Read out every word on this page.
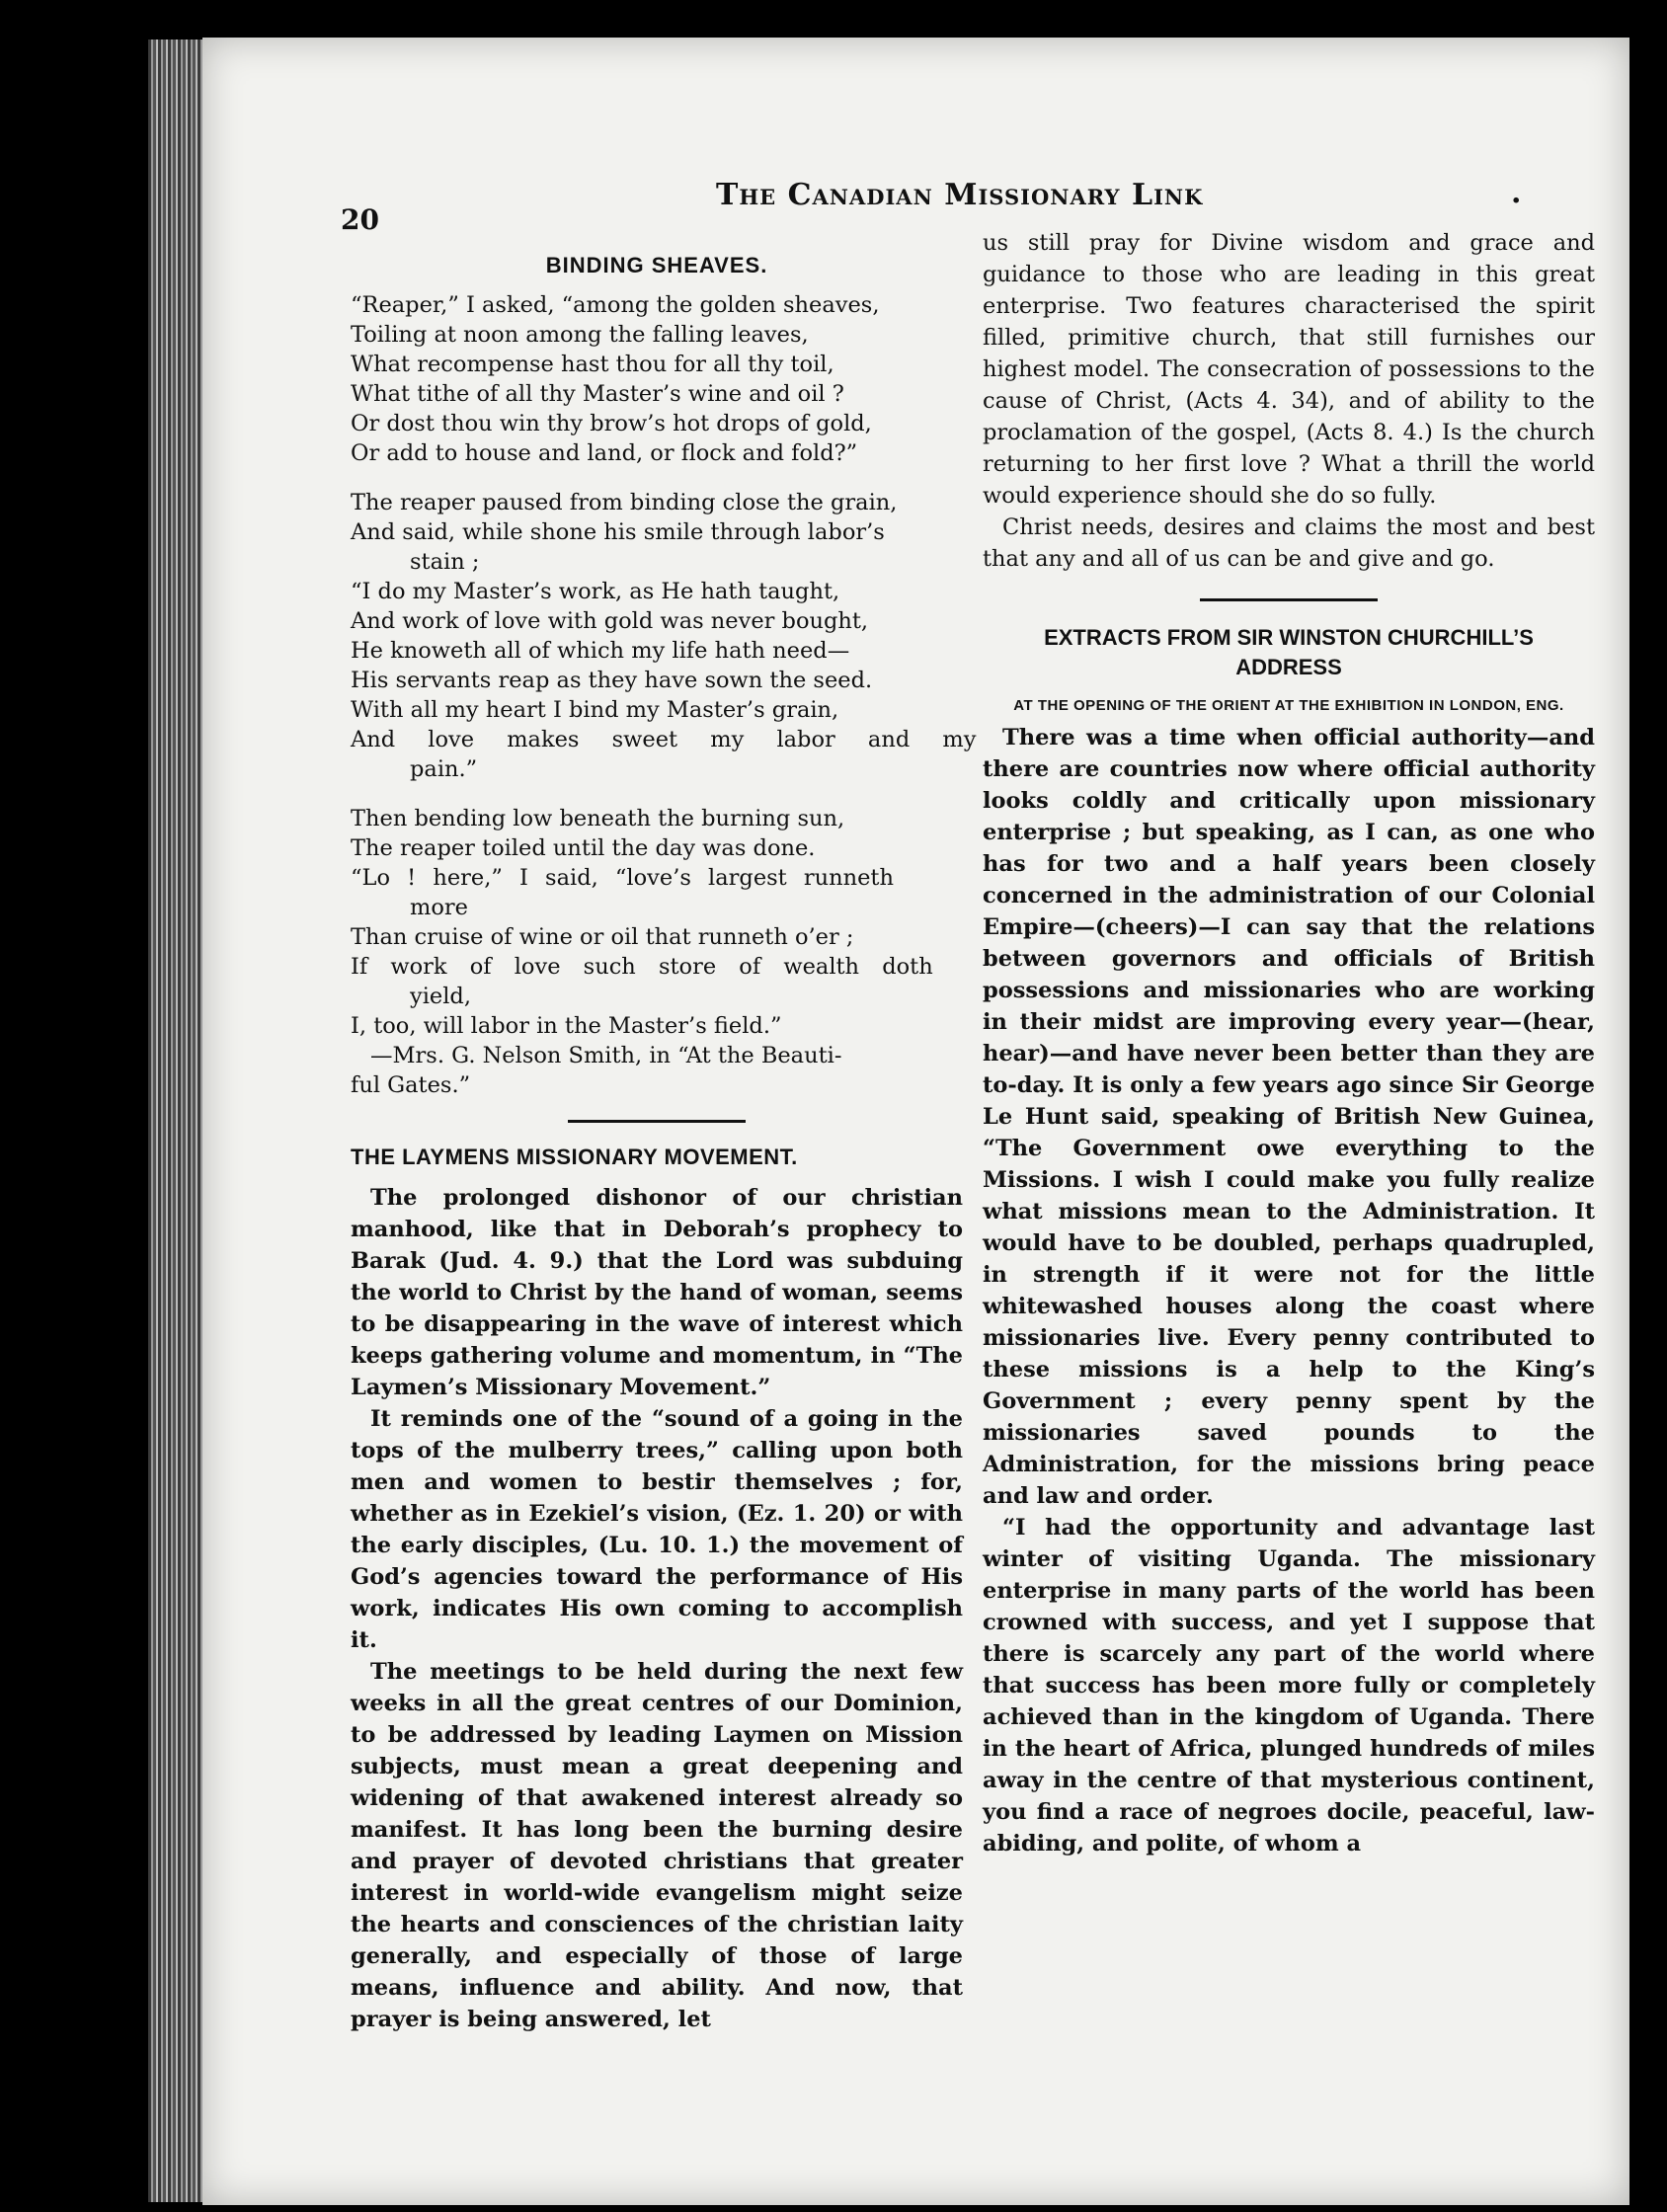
20
The Canadian Missionary Link	.
BINDING SHEAVES.
“Reaper,” I asked, “among the golden sheaves,
Toiling at noon among the falling leaves,
What recompense hast thou for all thy toil,
What tithe of all thy Master’s wine and oil ?
Or dost thou win thy brow’s hot drops of gold,
Or add to house and land, or flock and fold?”
The reaper paused from binding close the grain,
And said, while shone his smile through labor’s
stain ;
“I do my Master’s work, as He hath taught,
And work of love with gold was never bought,
He knoweth all of which my life hath need—
His servants reap as they have sown the seed.
With all my heart I bind my Master’s grain,
And love makes sweet my labor and my
pain.”
Then bending low beneath the burning sun,
The reaper toiled until the day was done.
“Lo ! here,” I said, “love’s largest runneth
more
Than cruise of wine or oil that runneth o’er ;
If work of love such store of wealth doth
yield,
I, too, will labor in the Master’s field.”
—Mrs. G. Nelson Smith, in “At the Beauti-
ful Gates.”
THE LAYMENS MISSIONARY MOVEMENT.

The prolonged dishonor of our christian manhood, like that in Deborah’s prophecy to Barak (Jud. 4. 9.) that the Lord was subduing the world to Christ by the hand of woman, seems to be disappearing in the wave of interest which keeps gathering volume and momentum, in “The Laymen’s Missionary Movement.”

It reminds one of the “sound of a going in the tops of the mulberry trees,” calling upon both men and women to bestir themselves ; for, whether as in Ezekiel’s vision, (Ez. 1. 20) or with the early disciples, (Lu. 10. 1.) the movement of God’s agencies toward the performance of His work, indicates His own coming to accomplish it.

The meetings to be held during the next few weeks in all the great centres of our Dominion, to be addressed by leading Laymen on Mission subjects, must mean a great deepening and widening of that awakened interest already so manifest. It has long been the burning desire and prayer of devoted christians that greater interest in world-wide evangelism might seize the hearts and consciences of the christian laity generally, and especially of those of large means, influence and ability. And now, that prayer is being answered, let

us still pray for Divine wisdom and grace and guidance to those who are leading in this great enterprise. Two features characterised the spirit filled, primitive church, that still furnishes our highest model. The consecration of possessions to the cause of Christ, (Acts 4. 34), and of ability to the proclamation of the gospel, (Acts 8. 4.) Is the church returning to her first love ? What a thrill the world would experience should she do so fully.

Christ needs, desires and claims the most and best that any and all of us can be and give and go.

EXTRACTS FROM SIR WINSTON CHURCHILL’S ADDRESS
AT THE OPENING OF THE ORIENT AT THE EXHIBITION IN LONDON, ENG.

There was a time when official authority—and there are countries now where official authority looks coldly and critically upon missionary enterprise ; but speaking, as I can, as one who has for two and a half years been closely concerned in the administration of our Colonial Empire—(cheers)—I can say that the relations between governors and officials of British possessions and missionaries who are working in their midst are improving every year—(hear, hear)—and have never been better than they are to-day. It is only a few years ago since Sir George Le Hunt said, speaking of British New Guinea, “The Government owe everything to the Missions. I wish I could make you fully realize what missions mean to the Administration. It would have to be doubled, perhaps quadrupled, in strength if it were not for the little whitewashed houses along the coast where missionaries live. Every penny contributed to these missions is a help to the King’s Government ; every penny spent by the missionaries saved pounds to the Administration, for the missions bring peace and law and order.

“I had the opportunity and advantage last winter of visiting Uganda. The missionary enterprise in many parts of the world has been crowned with success, and yet I suppose that there is scarcely any part of the world where that success has been more fully or completely achieved than in the kingdom of Uganda. There in the heart of Africa, plunged hundreds of miles away in the centre of that mysterious continent, you find a race of negroes docile, peaceful, law-abiding, and polite, of whom a
